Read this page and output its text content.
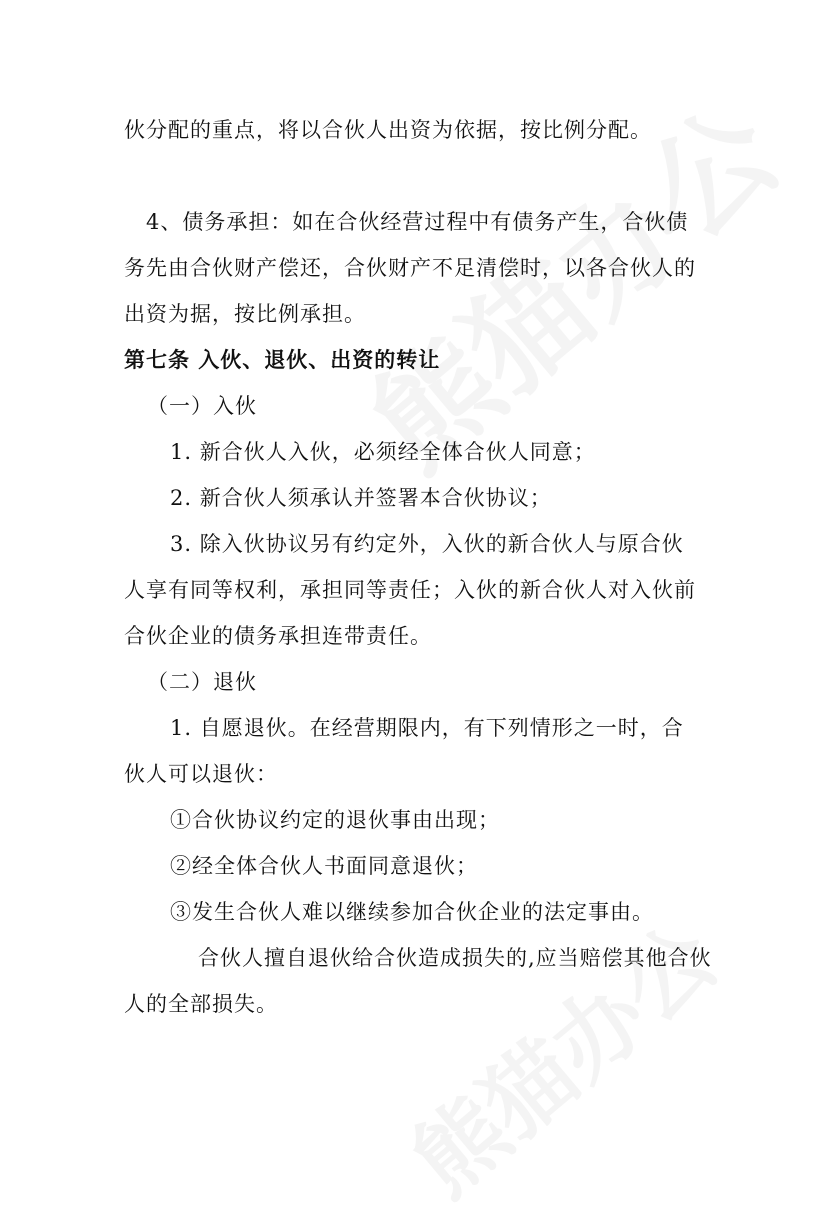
伙分配的重点，将以合伙人出资为依据，按比例分配。
4、债务承担：如在合伙经营过程中有债务产生，合伙债
务先由合伙财产偿还，合伙财产不足清偿时，以各合伙人的
出资为据，按比例承担。
第七条 入伙、退伙、出资的转让
（一）入伙
1. 新合伙人入伙，必须经全体合伙人同意；
2. 新合伙人须承认并签署本合伙协议；
3. 除入伙协议另有约定外，入伙的新合伙人与原合伙
人享有同等权利，承担同等责任；入伙的新合伙人对入伙前
合伙企业的债务承担连带责任。
（二）退伙
1. 自愿退伙。在经营期限内，有下列情形之一时，合
伙人可以退伙：
①合伙协议约定的退伙事由出现；
②经全体合伙人书面同意退伙；
③发生合伙人难以继续参加合伙企业的法定事由。
合伙人擅自退伙给合伙造成损失的,应当赔偿其他合伙
人的全部损失。
